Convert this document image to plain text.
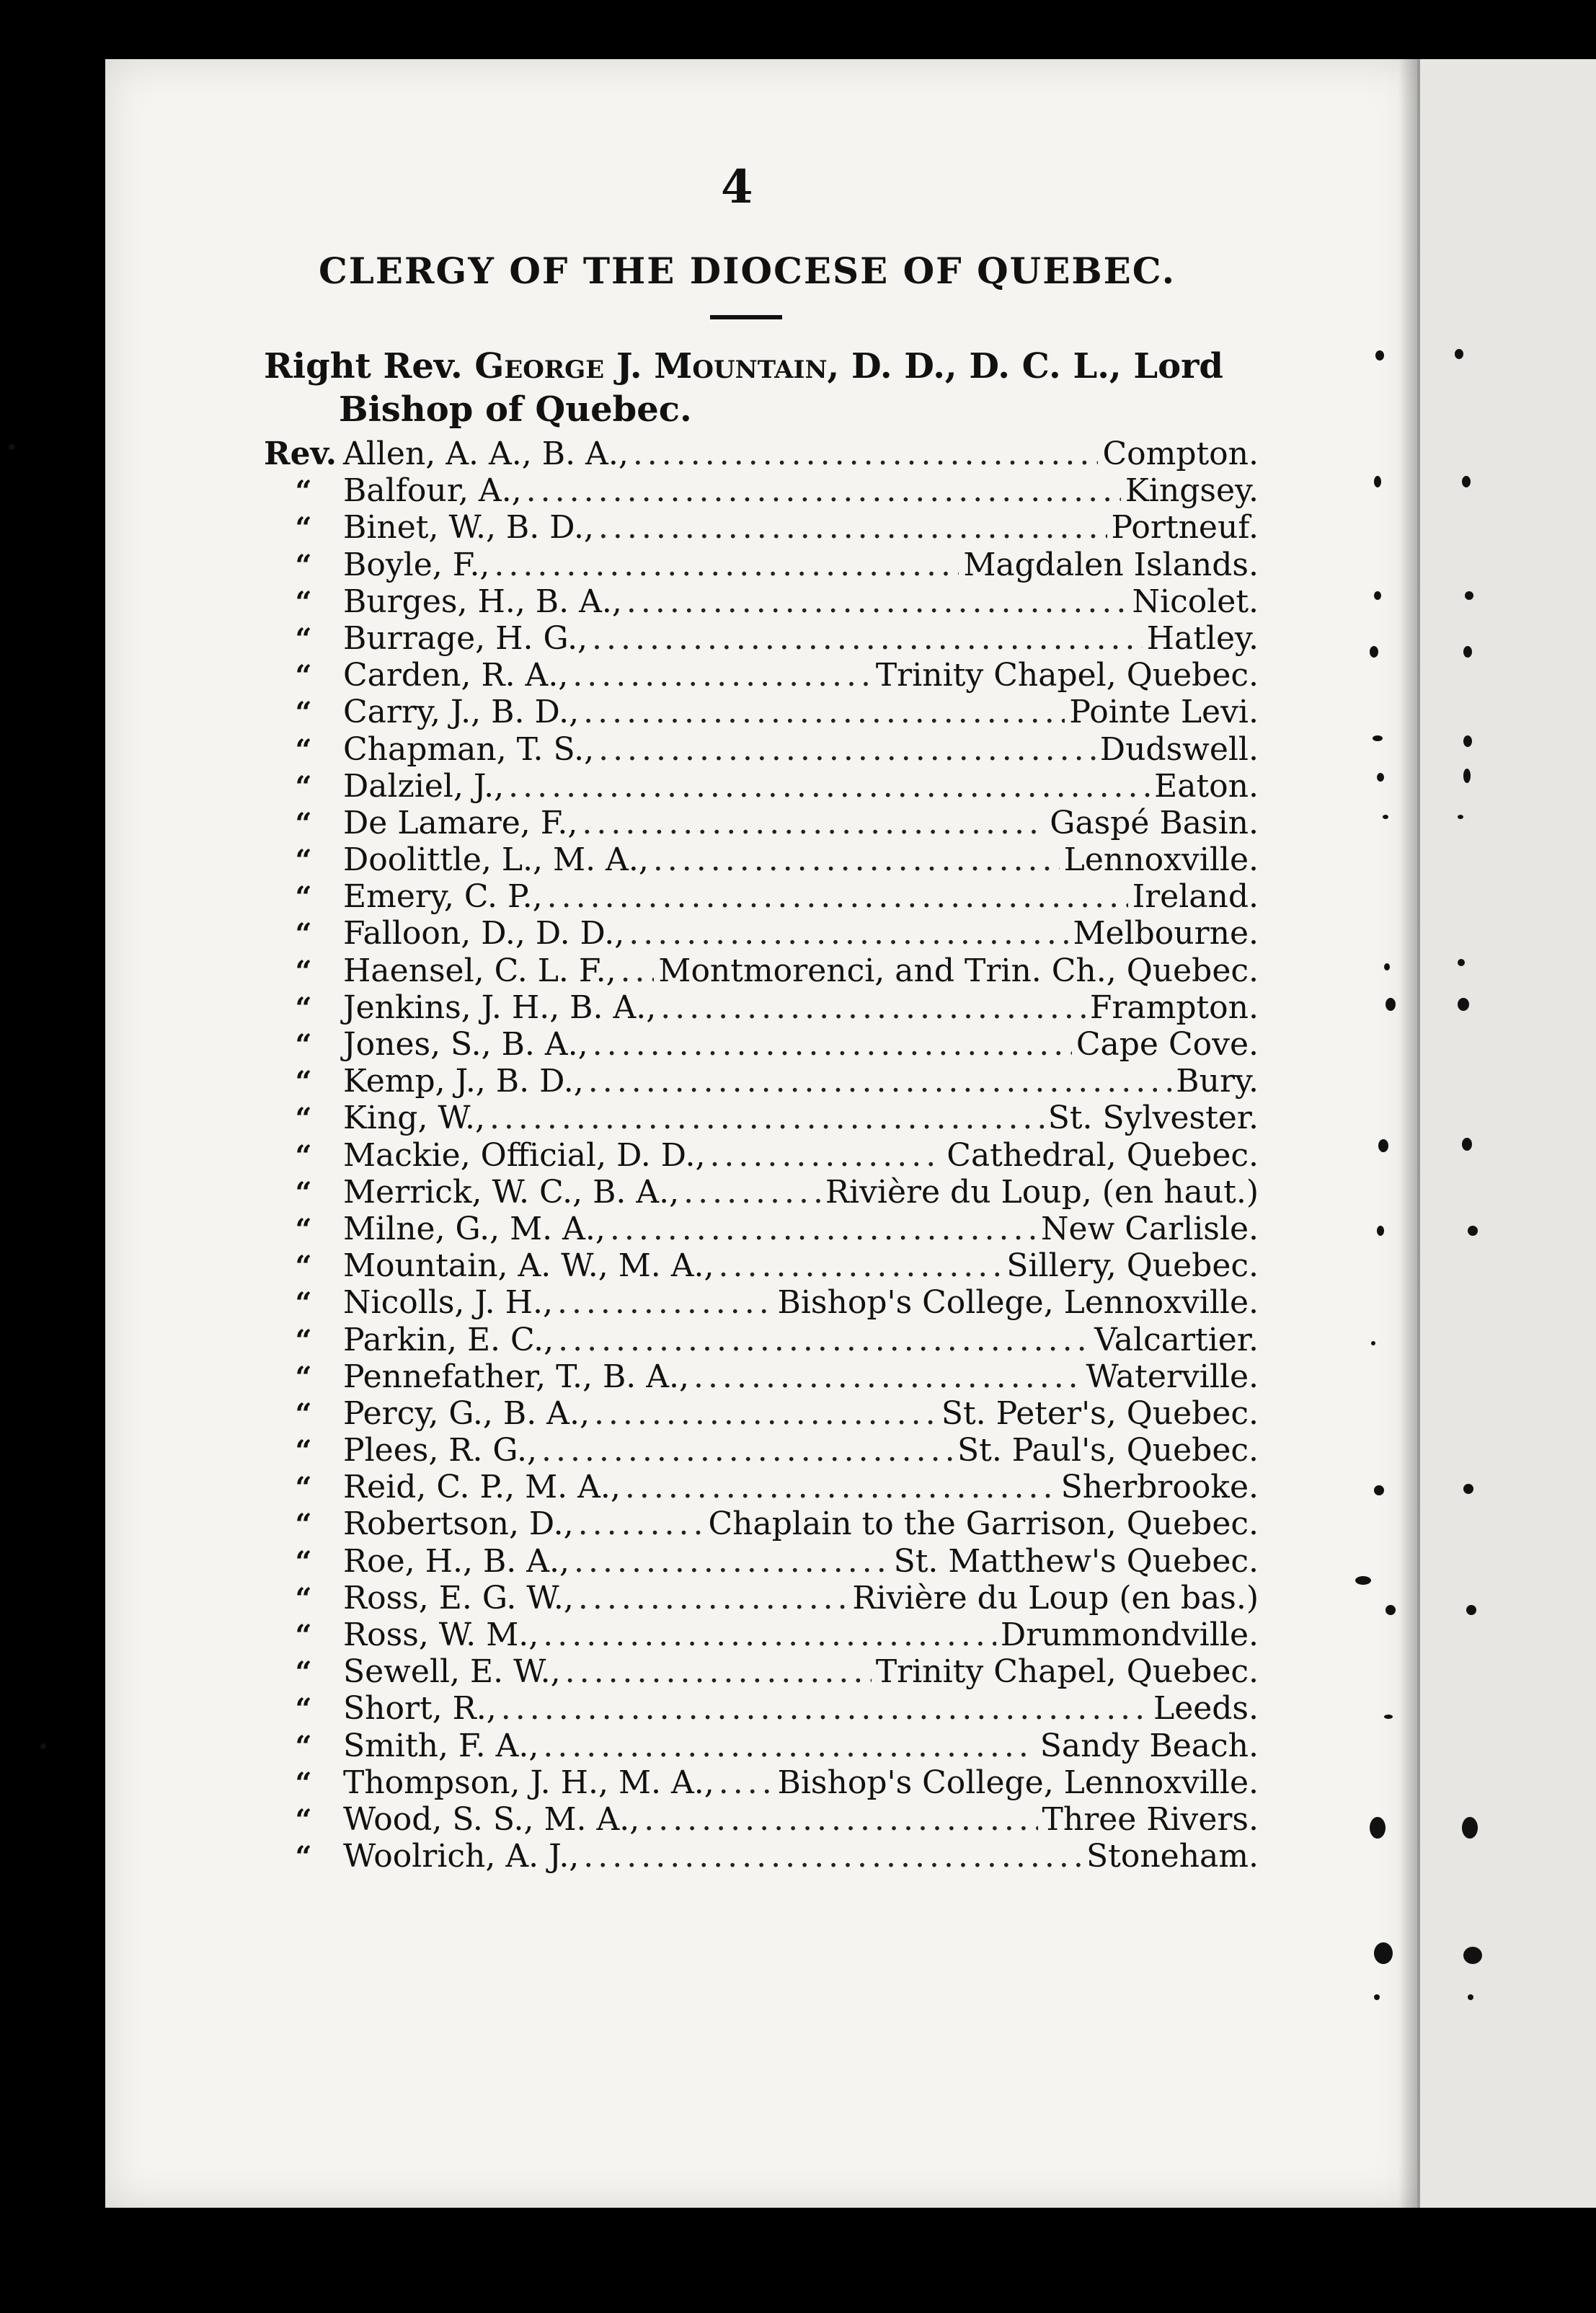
4
CLERGY OF THE DIOCESE OF QUEBEC.
Right Rev. George J. Mountain, D. D., D. C. L., Lord
Bishop of Quebec.
Rev. Allen, A. A., B. A., .....	Compton.
“ Balfour, A., .....	Kingsey.
“ Binet, W., B. D., .....	Portneuf.
“ Boyle, F., .....	Magdalen Islands.
“ Burges, H., B. A., .....	Nicolet.
“ Burrage, H. G., .....	Hatley.
“ Carden, R. A., .....	Trinity Chapel, Quebec.
“ Carry, J., B. D., .....	Pointe Levi.
“ Chapman, T. S., .....	Dudswell.
“ Dalziel, J., .....	Eaton.
“ De Lamare, F., .....	Gaspé Basin.
“ Doolittle, L., M. A., .....	Lennoxville.
“ Emery, C. P., .....	Ireland.
“ Falloon, D., D. D., .....	Melbourne.
“ Haensel, C. L. F., ..... Montmorenci, and Trin. Ch., Quebec.
“ Jenkins, J. H., B. A., .....	Frampton.
“ Jones, S., B. A., .....	Cape Cove.
“ Kemp, J., B. D., .....	Bury.
“ King, W., .....	St. Sylvester.
“ Mackie, Official, D. D., .....	Cathedral, Quebec.
“ Merrick, W. C., B. A., .....	Rivière du Loup, (en haut.)
“ Milne, G., M. A., .....	New Carlisle.
“ Mountain, A. W., M. A., .....	Sillery, Quebec.
“ Nicolls, J. H., .....	Bishop's College, Lennoxville.
“ Parkin, E. C., .....	Valcartier.
“ Pennefather, T., B. A., .....	Waterville.
“ Percy, G., B. A., .....	St. Peter's, Quebec.
“ Plees, R. G., .....	St. Paul's, Quebec.
“ Reid, C. P., M. A., .....	Sherbrooke.
“ Robertson, D., .....	Chaplain to the Garrison, Quebec.
“ Roe, H., B. A., .....	St. Matthew's Quebec.
“ Ross, E. G. W., .....	Rivière du Loup (en bas.)
“ Ross, W. M., .....	Drummondville.
“ Sewell, E. W., .....	Trinity Chapel, Quebec.
“ Short, R., .....	Leeds.
“ Smith, F. A., .....	Sandy Beach.
“ Thompson, J. H., M. A., ..... Bishop's College, Lennoxville.
“ Wood, S. S., M. A., .....	Three Rivers.
“ Woolrich, A. J., .....	Stoneham.
